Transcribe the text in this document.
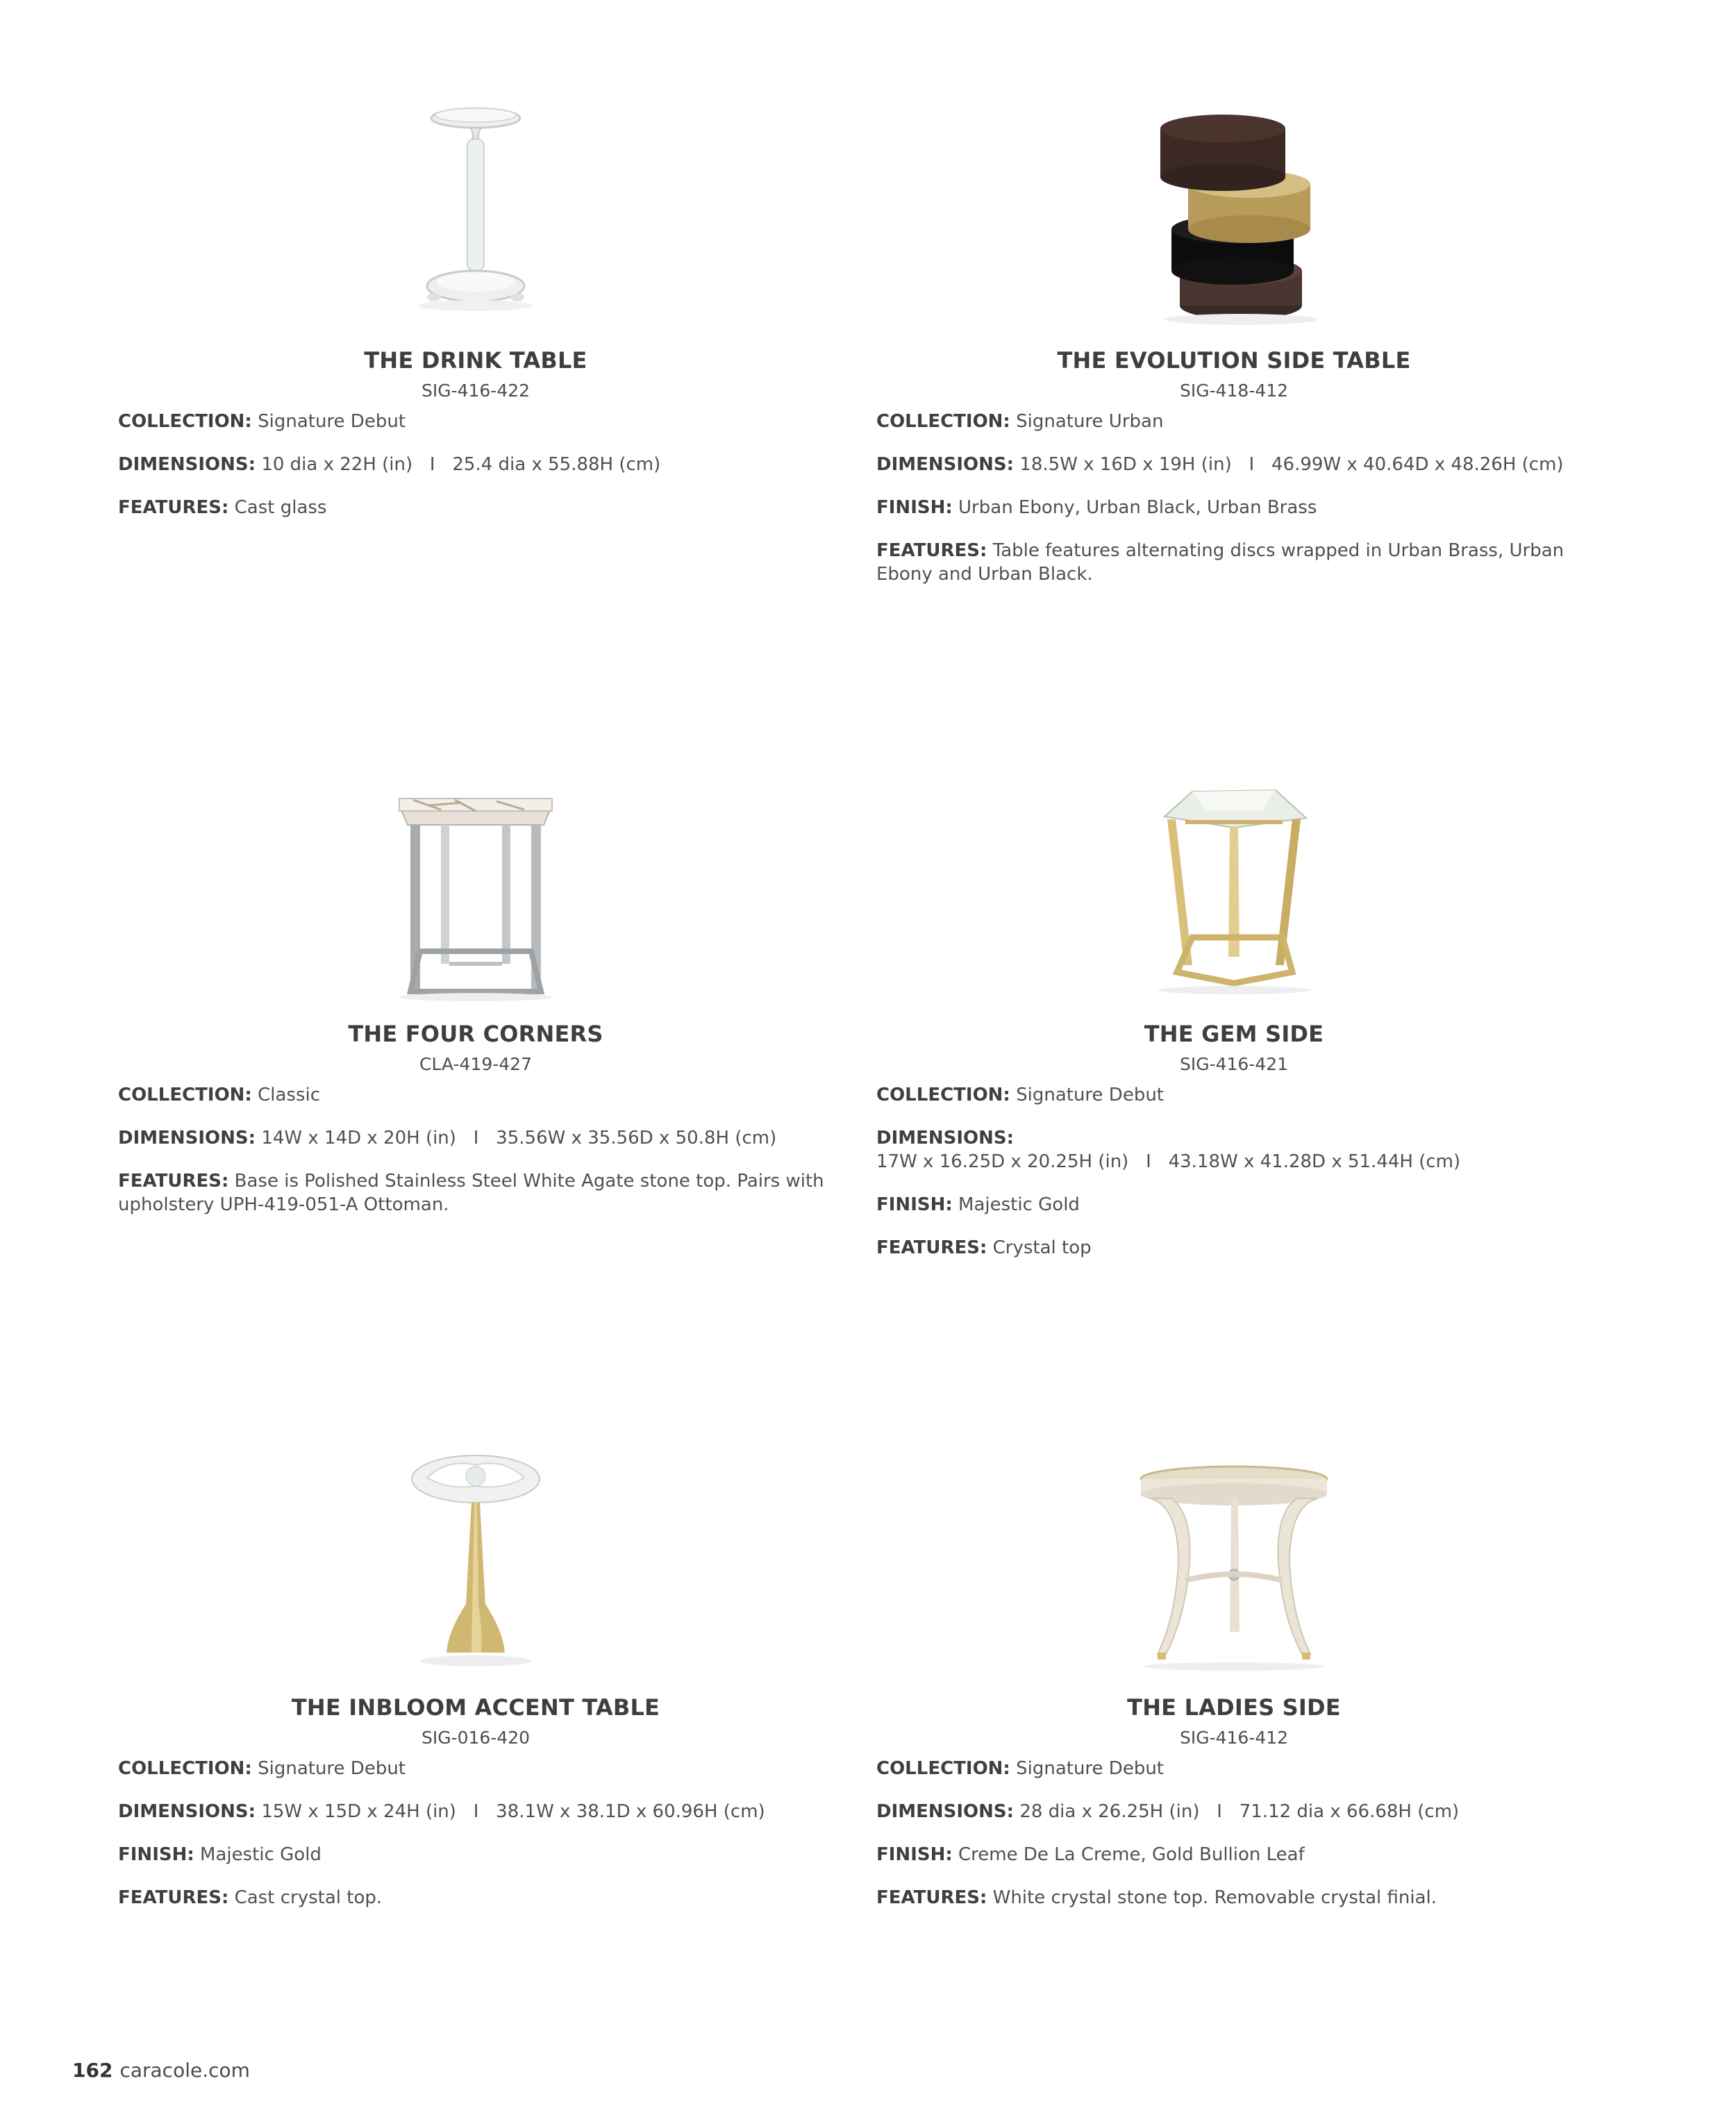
THE DRINK TABLE
SIG-416-422

COLLECTION: Signature Debut

DIMENSIONS: 10 dia x 22H (in)   I   25.4 dia x 55.88H (cm)

FEATURES: Cast glass

THE EVOLUTION SIDE TABLE
SIG-418-412

COLLECTION: Signature Urban

DIMENSIONS: 18.5W x 16D x 19H (in)   I   46.99W x 40.64D x 48.26H (cm)

FINISH: Urban Ebony, Urban Black, Urban Brass

FEATURES: Table features alternating discs wrapped in Urban Brass, Urban Ebony and Urban Black.

THE FOUR CORNERS
CLA-419-427

COLLECTION: Classic

DIMENSIONS: 14W x 14D x 20H (in)   I   35.56W x 35.56D x 50.8H (cm)

FEATURES: Base is Polished Stainless Steel White Agate stone top. Pairs with upholstery UPH-419-051-A Ottoman.

THE GEM SIDE
SIG-416-421

COLLECTION: Signature Debut

DIMENSIONS: 17W x 16.25D x 20.25H (in)   I   43.18W x 41.28D x 51.44H (cm)

FINISH: Majestic Gold

FEATURES: Crystal top

THE INBLOOM ACCENT TABLE
SIG-016-420

COLLECTION: Signature Debut

DIMENSIONS: 15W x 15D x 24H (in)   I   38.1W x 38.1D x 60.96H (cm)

FINISH: Majestic Gold

FEATURES: Cast crystal top.

THE LADIES SIDE
SIG-416-412

COLLECTION: Signature Debut

DIMENSIONS: 28 dia x 26.25H (in)   I   71.12 dia x 66.68H (cm)

FINISH: Creme De La Creme, Gold Bullion Leaf

FEATURES: White crystal stone top. Removable crystal finial.

162 caracole.com
